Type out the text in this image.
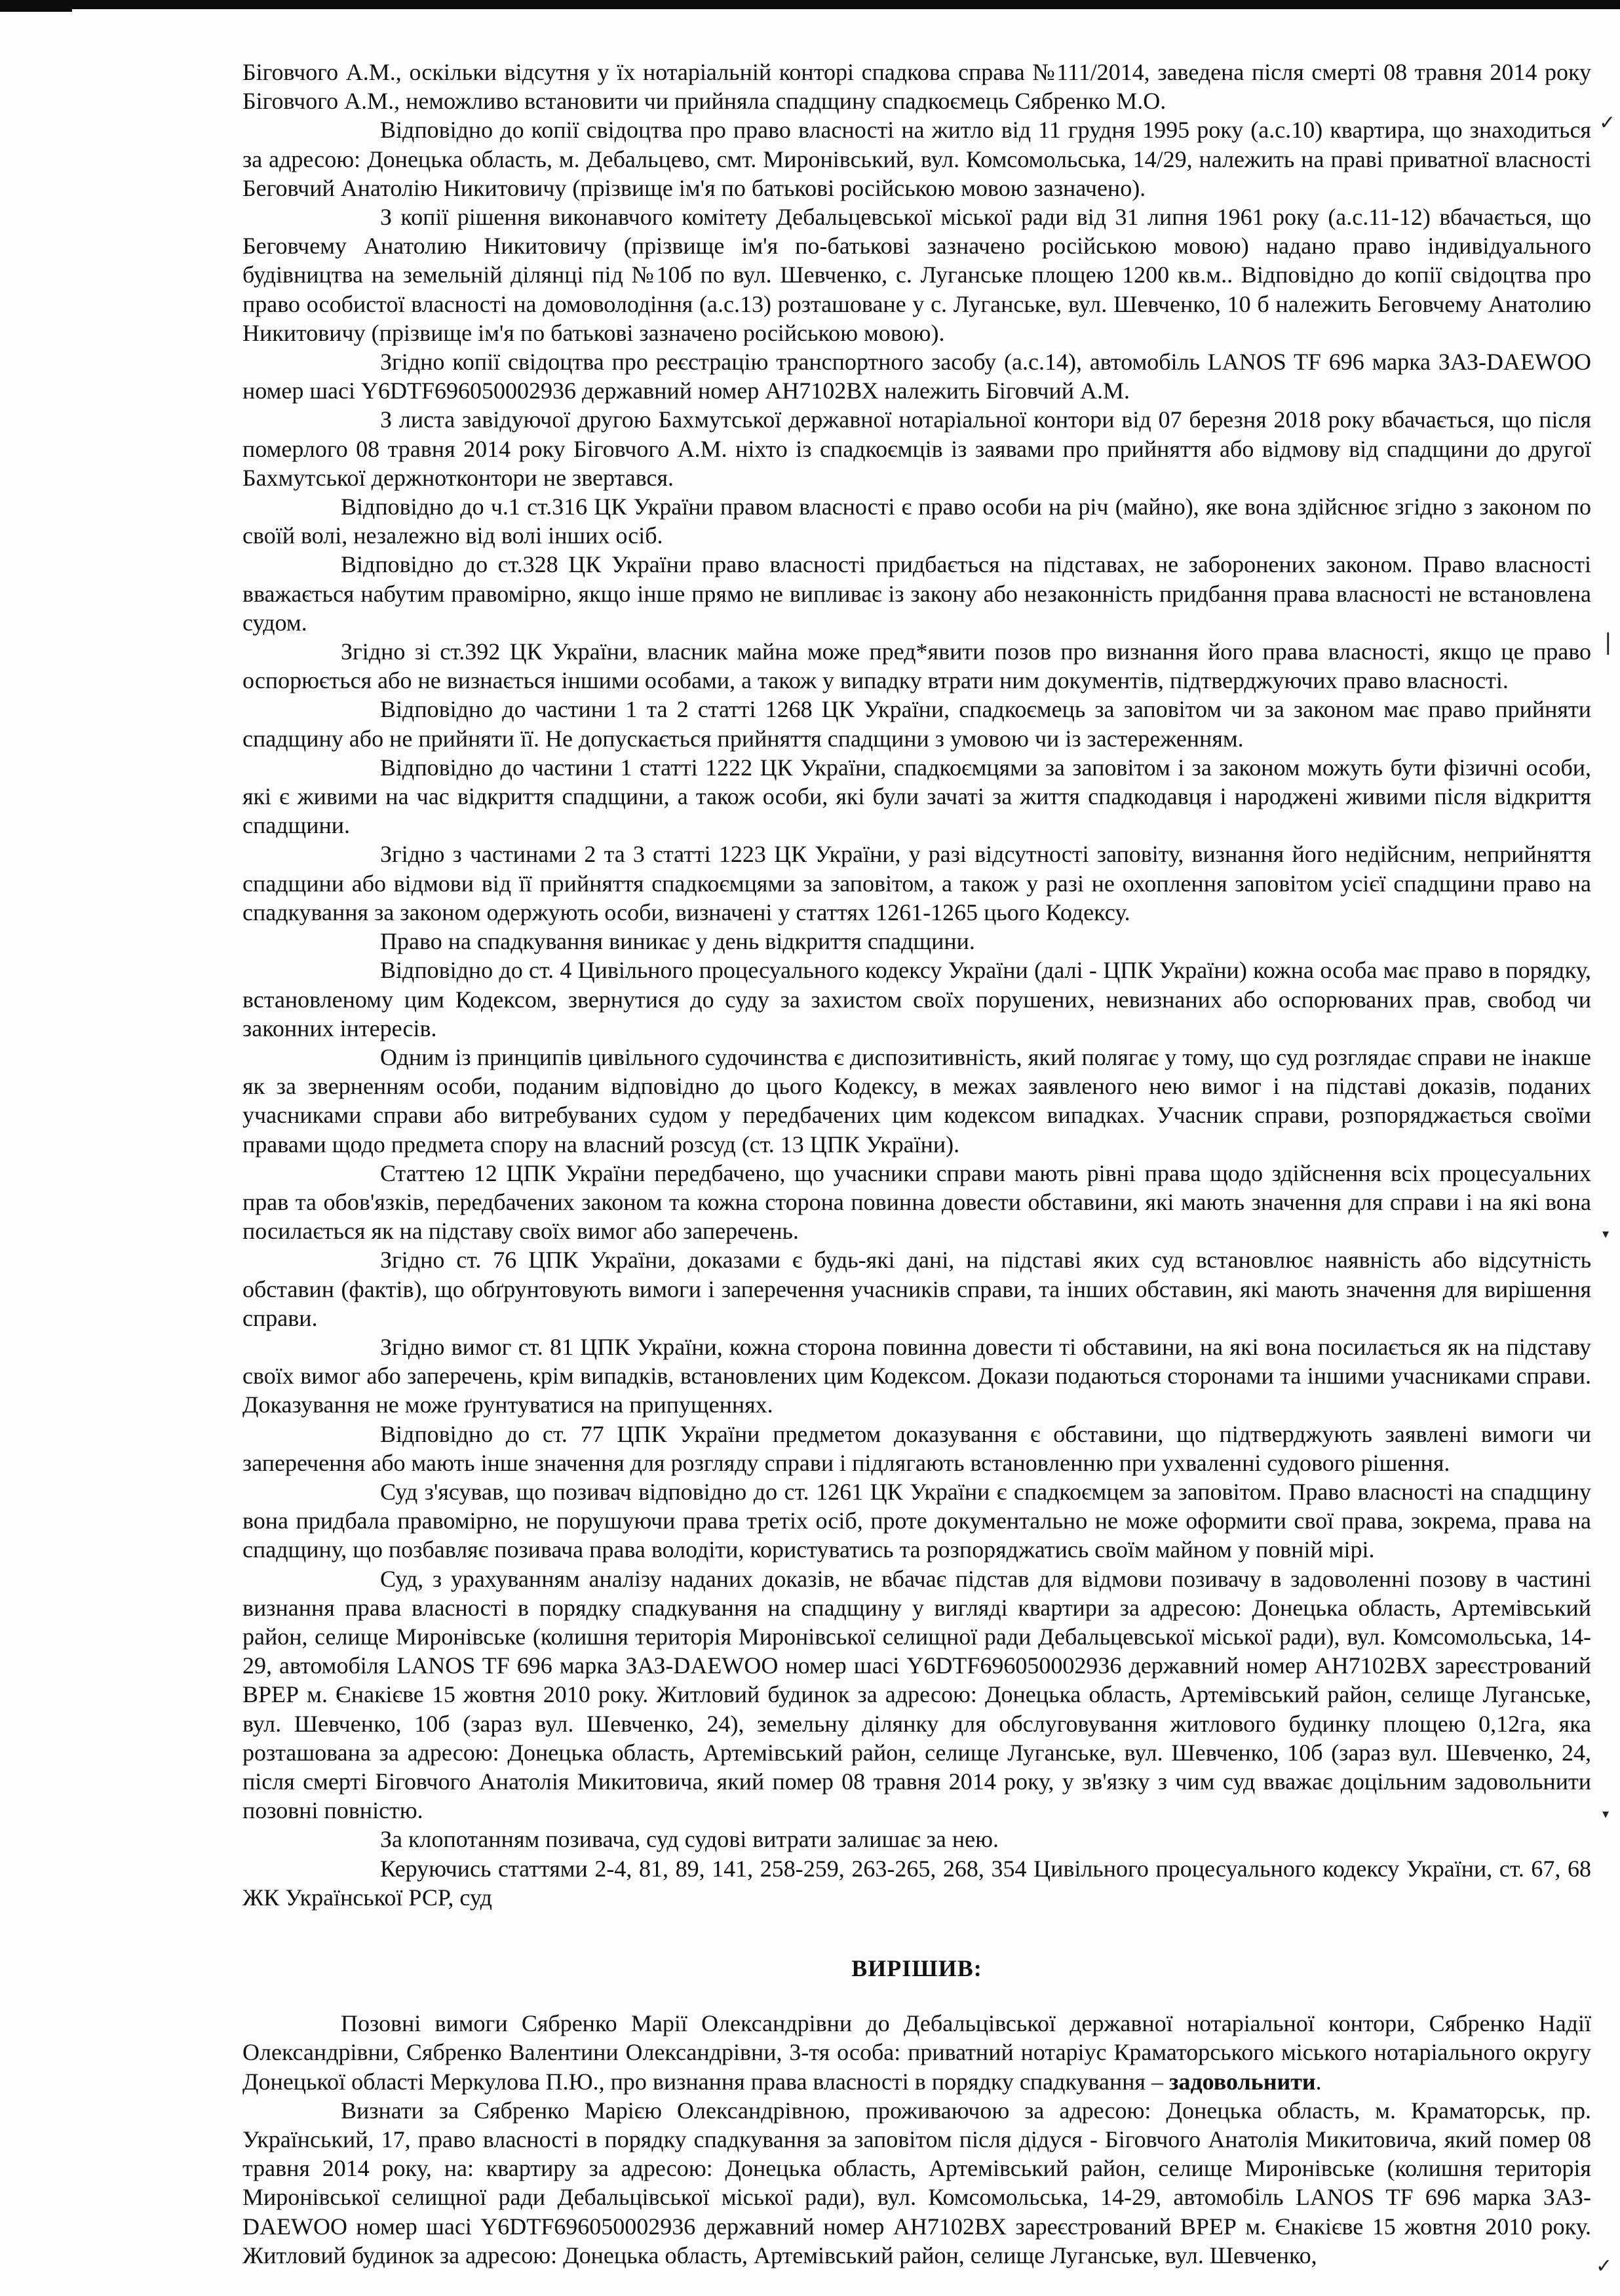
✓
|
▾
▾
✓

Біговчого А.М., оскільки відсутня у їх нотаріальній конторі спадкова справа №111/2014, заведена після смерті 08 травня 2014 року Біговчого А.М., неможливо встановити чи прийняла спадщину спадкоємець Сябренко М.О.

Відповідно до копії свідоцтва про право власності на житло від 11 грудня 1995 року (а.с.10) квартира, що знаходиться за адресою: Донецька область, м. Дебальцево, смт. Миронівський, вул. Комсомольська, 14/29, належить на праві приватної власності Беговчий Анатолію Никитовичу (прізвище ім'я по батькові російською мовою зазначено).

З копії рішення виконавчого комітету Дебальцевської міської ради від 31 липня 1961 року (а.с.11-12) вбачається, що Беговчему Анатолию Никитовичу (прізвище ім'я по-батькові зазначено російською мовою) надано право індивідуального будівництва на земельній ділянці під №10б по вул. Шевченко, с. Луганське площею 1200 кв.м.. Відповідно до копії свідоцтва про право особистої власності на домоволодіння (а.с.13) розташоване у с. Луганське, вул. Шевченко, 10 б належить Беговчему Анатолию Никитовичу (прізвище ім'я по батькові зазначено російською мовою).

Згідно копії свідоцтва про реєстрацію транспортного засобу (а.с.14), автомобіль LANOS TF 696 марка ЗАЗ-DAEWOO номер шасі Y6DTF696050002936 державний номер АН7102ВХ належить Біговчий А.М.

З листа завідуючої другою Бахмутської державної нотаріальної контори від 07 березня 2018 року вбачається, що після померлого 08 травня 2014 року Біговчого А.М. ніхто із спадкоємців із заявами про прийняття або відмову від спадщини до другої Бахмутської держнотконтори не звертався.

Відповідно до ч.1 ст.316 ЦК України правом власності є право особи на річ (майно), яке вона здійснює згідно з законом по своїй волі, незалежно від волі інших осіб.

Відповідно до ст.328 ЦК України право власності придбається на підставах, не заборонених законом. Право власності вважається набутим правомірно, якщо інше прямо не випливає із закону або незаконність придбання права власності не встановлена судом.

Згідно зі ст.392 ЦК України, власник майна може пред*явити позов про визнання його права власності, якщо це право оспорюється або не визнається іншими особами, а також у випадку втрати ним документів, підтверджуючих право власності.

Відповідно до частини 1 та 2 статті 1268 ЦК України, спадкоємець за заповітом чи за законом має право прийняти спадщину або не прийняти її. Не допускається прийняття спадщини з умовою чи із застереженням.

Відповідно до частини 1 статті 1222 ЦК України, спадкоємцями за заповітом і за законом можуть бути фізичні особи, які є живими на час відкриття спадщини, а також особи, які були зачаті за життя спадкодавця і народжені живими після відкриття спадщини.

Згідно з частинами 2 та 3 статті 1223 ЦК України, у разі відсутності заповіту, визнання його недійсним, неприйняття спадщини або відмови від її прийняття спадкоємцями за заповітом, а також у разі не охоплення заповітом усієї спадщини право на спадкування за законом одержують особи, визначені у статтях 1261-1265 цього Кодексу.

Право на спадкування виникає у день відкриття спадщини.

Відповідно до ст. 4 Цивільного процесуального кодексу України (далі - ЦПК України) кожна особа має право в порядку, встановленому цим Кодексом, звернутися до суду за захистом своїх порушених, невизнаних або оспорюваних прав, свобод чи законних інтересів.

Одним із принципів цивільного судочинства є диспозитивність, який полягає у тому, що суд розглядає справи не інакше як за зверненням особи, поданим відповідно до цього Кодексу, в межах заявленого нею вимог і на підставі доказів, поданих учасниками справи або витребуваних судом у передбачених цим кодексом випадках. Учасник справи, розпоряджається своїми правами щодо предмета спору на власний розсуд (ст. 13 ЦПК України).

Статтею 12 ЦПК України передбачено, що учасники справи мають рівні права щодо здійснення всіх процесуальних прав та обов'язків, передбачених законом та кожна сторона повинна довести обставини, які мають значення для справи і на які вона посилається як на підставу своїх вимог або заперечень.

Згідно ст. 76 ЦПК України, доказами є будь-які дані, на підставі яких суд встановлює наявність або відсутність обставин (фактів), що обґрунтовують вимоги і заперечення учасників справи, та інших обставин, які мають значення для вирішення справи.

Згідно вимог ст. 81 ЦПК України, кожна сторона повинна довести ті обставини, на які вона посилається як на підставу своїх вимог або заперечень, крім випадків, встановлених цим Кодексом. Докази подаються сторонами та іншими учасниками справи. Доказування не може ґрунтуватися на припущеннях.

Відповідно до ст. 77 ЦПК України предметом доказування є обставини, що підтверджують заявлені вимоги чи заперечення або мають інше значення для розгляду справи і підлягають встановленню при ухваленні судового рішення.

Суд з'ясував, що позивач відповідно до ст. 1261 ЦК України є спадкоємцем за заповітом. Право власності на спадщину вона придбала правомірно, не порушуючи права третіх осіб, проте документально не може оформити свої права, зокрема, права на спадщину, що позбавляє позивача права володіти, користуватись та розпоряджатись своїм майном у повній мірі.

Суд, з урахуванням аналізу наданих доказів, не вбачає підстав для відмови позивачу в задоволенні позову в частині визнання права власності в порядку спадкування на спадщину у вигляді квартири за адресою: Донецька область, Артемівський район, селище Миронівське (колишня територія Миронівської селищної ради Дебальцевської міської ради), вул. Комсомольська, 14-29, автомобіля LANOS TF 696 марка ЗАЗ-DAEWOO номер шасі Y6DTF696050002936 державний номер АН7102ВХ зареєстрований ВРЕР м. Єнакієве 15 жовтня 2010 року. Житловий будинок за адресою: Донецька область, Артемівський район, селище Луганське, вул. Шевченко, 10б (зараз вул. Шевченко, 24), земельну ділянку для обслуговування житлового будинку площею 0,12га, яка розташована за адресою: Донецька область, Артемівський район, селище Луганське, вул. Шевченко, 10б (зараз вул. Шевченко, 24, після смерті Біговчого Анатолія Микитовича, який помер 08 травня 2014 року, у зв'язку з чим суд вважає доцільним задовольнити позовні повністю.

За клопотанням позивача, суд судові витрати залишає за нею.

Керуючись статтями 2-4, 81, 89, 141, 258-259, 263-265, 268, 354 Цивільного процесуального кодексу України, ст. 67, 68 ЖК Української РСР, суд

ВИРІШИВ:

Позовні вимоги Сябренко Марії Олександрівни до Дебальцівської державної нотаріальної контори, Сябренко Надії Олександрівни, Сябренко Валентини Олександрівни, 3-тя особа: приватний нотаріус Краматорського міського нотаріального округу Донецької області Меркулова П.Ю., про визнання права власності в порядку спадкування – задовольнити.

Визнати за Сябренко Марією Олександрівною, проживаючою за адресою: Донецька область, м. Краматорськ, пр. Український, 17, право власності в порядку спадкування за заповітом після дідуся - Біговчого Анатолія Микитовича, який помер 08 травня 2014 року, на: квартиру за адресою: Донецька область, Артемівський район, селище Миронівське (колишня територія Миронівської селищної ради Дебальцівської міської ради), вул. Комсомольська, 14-29, автомобіль LANOS TF 696 марка ЗАЗ-DAEWOO номер шасі Y6DTF696050002936 державний номер АН7102ВХ зареєстрований ВРЕР м. Єнакієве 15 жовтня 2010 року. Житловий будинок за адресою: Донецька область, Артемівський район, селище Луганське, вул. Шевченко,
